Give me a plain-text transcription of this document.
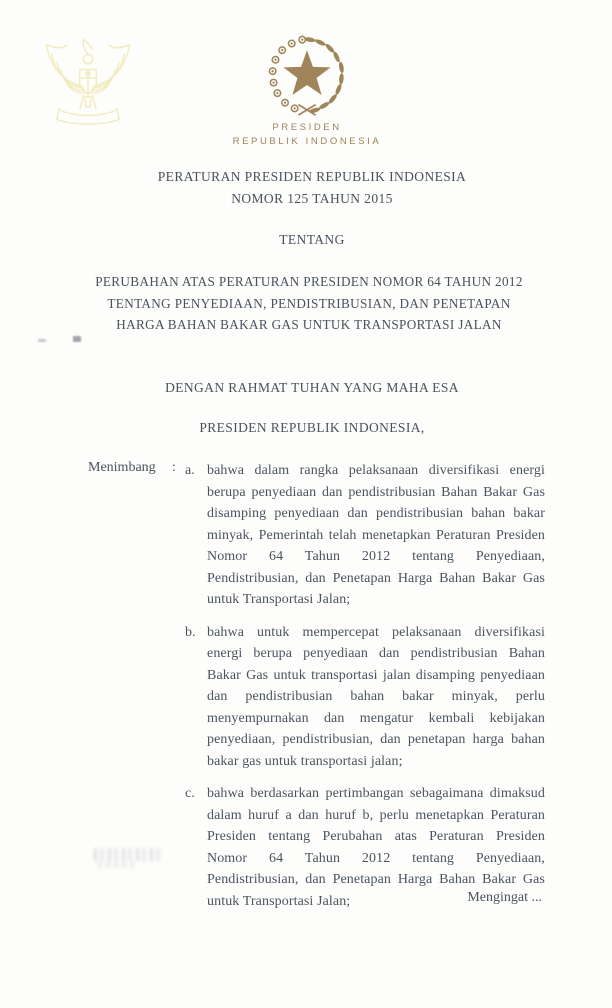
PRESIDEN
REPUBLIK INDONESIA
PERATURAN PRESIDEN REPUBLIK INDONESIA
NOMOR 125 TAHUN 2015
TENTANG
PERUBAHAN ATAS PERATURAN PRESIDEN NOMOR 64 TAHUN 2012
TENTANG PENYEDIAAN, PENDISTRIBUSIAN, DAN PENETAPAN
HARGA BAHAN BAKAR GAS UNTUK TRANSPORTASI JALAN
DENGAN RAHMAT TUHAN YANG MAHA ESA
PRESIDEN REPUBLIK INDONESIA,
Menimbang : a. bahwa dalam rangka pelaksanaan diversifikasi energi berupa penyediaan dan pendistribusian Bahan Bakar Gas disamping penyediaan dan pendistribusian bahan bakar minyak, Pemerintah telah menetapkan Peraturan Presiden Nomor 64 Tahun 2012 tentang Penyediaan, Pendistribusian, dan Penetapan Harga Bahan Bakar Gas untuk Transportasi Jalan;
b. bahwa untuk mempercepat pelaksanaan diversifikasi energi berupa penyediaan dan pendistribusian Bahan Bakar Gas untuk transportasi jalan disamping penyediaan dan pendistribusian bahan bakar minyak, perlu menyempurnakan dan mengatur kembali kebijakan penyediaan, pendistribusian, dan penetapan harga bahan bakar gas untuk transportasi jalan;
c. bahwa berdasarkan pertimbangan sebagaimana dimaksud dalam huruf a dan huruf b, perlu menetapkan Peraturan Presiden tentang Perubahan atas Peraturan Presiden Nomor 64 Tahun 2012 tentang Penyediaan, Pendistribusian, dan Penetapan Harga Bahan Bakar Gas untuk Transportasi Jalan;	Mengingat ...
